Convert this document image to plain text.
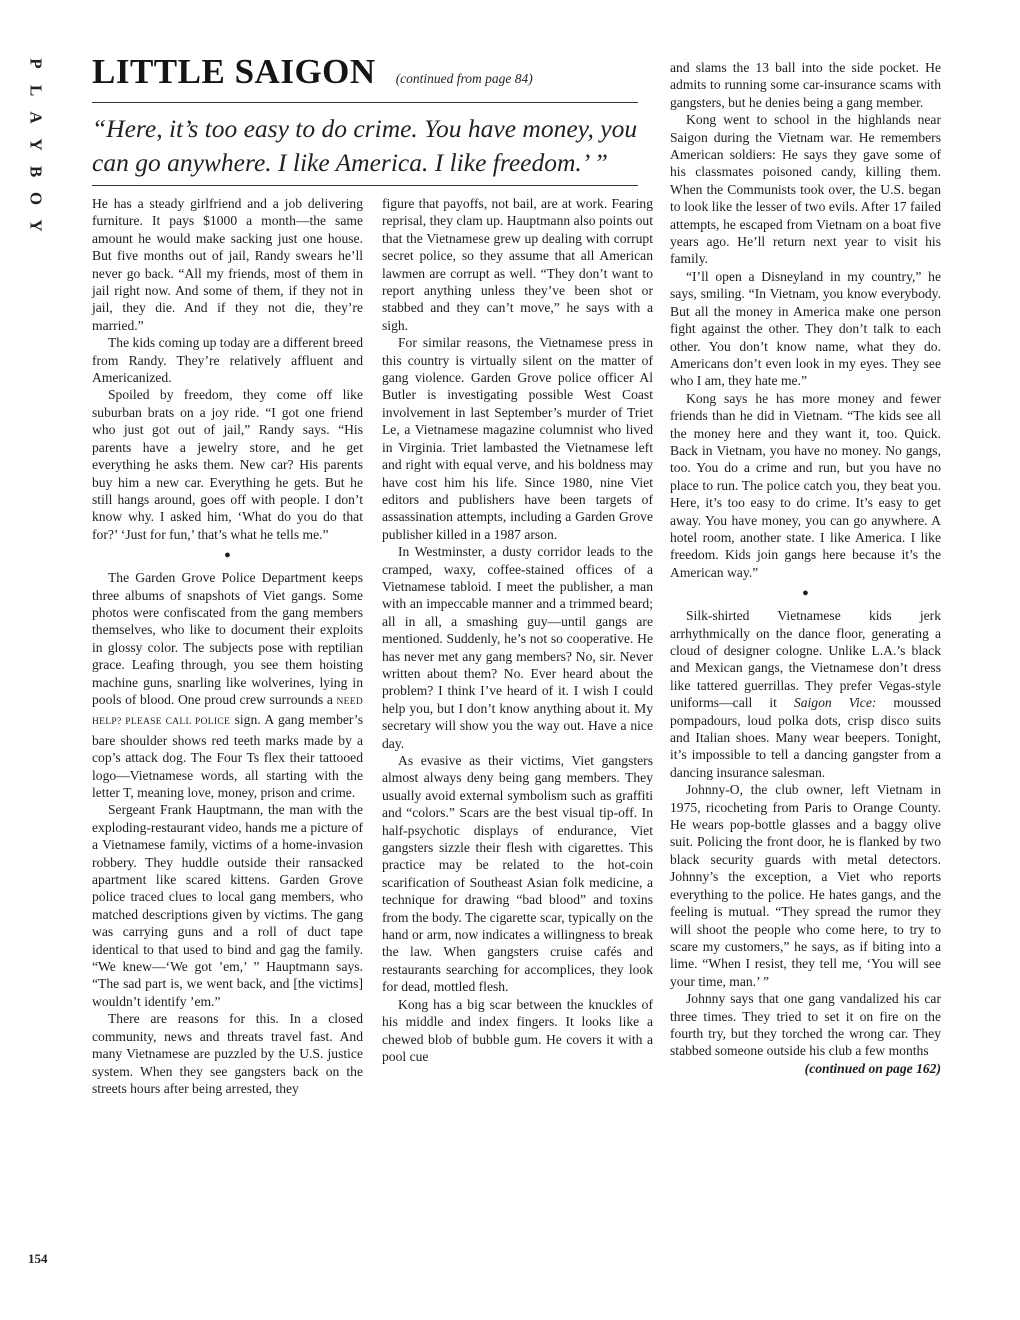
P
L
A
Y
B
O
Y
LITTLE SAIGON (continued from page 84)

“Here, it’s too easy to do crime. You have money, you can go anywhere. I like America. I like freedom.’ ”

He has a steady girlfriend and a job delivering furniture. It pays $1000 a month—the same amount he would make sacking just one house. But five months out of jail, Randy swears he’ll never go back. “All my friends, most of them in jail right now. And some of them, if they not in jail, they die. And if they not die, they’re married.”

The kids coming up today are a different breed from Randy. They’re relatively affluent and Americanized.

Spoiled by freedom, they come off like suburban brats on a joy ride. “I got one friend who just got out of jail,” Randy says. “His parents have a jewelry store, and he get everything he asks them. New car? His parents buy him a new car. Everything he gets. But he still hangs around, goes off with people. I don’t know why. I asked him, ‘What do you do that for?’ ‘Just for fun,’ that’s what he tells me.”

●

The Garden Grove Police Department keeps three albums of snapshots of Viet gangs. Some photos were confiscated from the gang members themselves, who like to document their exploits in glossy color. The subjects pose with reptilian grace. Leafing through, you see them hoisting machine guns, snarling like wolverines, lying in pools of blood. One proud crew surrounds a NEED HELP? PLEASE CALL POLICE sign. A gang member’s bare shoulder shows red teeth marks made by a cop’s attack dog. The Four Ts flex their tattooed logo—Vietnamese words, all starting with the letter T, meaning love, money, prison and crime.

Sergeant Frank Hauptmann, the man with the exploding-restaurant video, hands me a picture of a Vietnamese family, victims of a home-invasion robbery. They huddle outside their ransacked apartment like scared kittens. Garden Grove police traced clues to local gang members, who matched descriptions given by victims. The gang was carrying guns and a roll of duct tape identical to that used to bind and gag the family. “We knew—‘We got ’em,’ ” Hauptmann says. “The sad part is, we went back, and [the victims] wouldn’t identify ’em.”

There are reasons for this. In a closed community, news and threats travel fast. And many Vietnamese are puzzled by the U.S. justice system. When they see gangsters back on the streets hours after being arrested, they

figure that payoffs, not bail, are at work. Fearing reprisal, they clam up. Hauptmann also points out that the Vietnamese grew up dealing with corrupt secret police, so they assume that all American lawmen are corrupt as well. “They don’t want to report anything unless they’ve been shot or stabbed and they can’t move,” he says with a sigh.

For similar reasons, the Vietnamese press in this country is virtually silent on the matter of gang violence. Garden Grove police officer Al Butler is investigating possible West Coast involvement in last September’s murder of Triet Le, a Vietnamese magazine columnist who lived in Virginia. Triet lambasted the Vietnamese left and right with equal verve, and his boldness may have cost him his life. Since 1980, nine Viet editors and publishers have been targets of assassination attempts, including a Garden Grove publisher killed in a 1987 arson.

In Westminster, a dusty corridor leads to the cramped, waxy, coffee-stained offices of a Vietnamese tabloid. I meet the publisher, a man with an impeccable manner and a trimmed beard; all in all, a smashing guy—until gangs are mentioned. Suddenly, he’s not so cooperative. He has never met any gang members? No, sir. Never written about them? No. Ever heard about the problem? I think I’ve heard of it. I wish I could help you, but I don’t know anything about it. My secretary will show you the way out. Have a nice day.

As evasive as their victims, Viet gangsters almost always deny being gang members. They usually avoid external symbolism such as graffiti and “colors.” Scars are the best visual tip-off. In half-psychotic displays of endurance, Viet gangsters sizzle their flesh with cigarettes. This practice may be related to the hot-coin scarification of Southeast Asian folk medicine, a technique for drawing “bad blood” and toxins from the body. The cigarette scar, typically on the hand or arm, now indicates a willingness to break the law. When gangsters cruise cafés and restaurants searching for accomplices, they look for dead, mottled flesh.

Kong has a big scar between the knuckles of his middle and index fingers. It looks like a chewed blob of bubble gum. He covers it with a pool cue

and slams the 13 ball into the side pocket. He admits to running some car-insurance scams with gangsters, but he denies being a gang member.

Kong went to school in the highlands near Saigon during the Vietnam war. He remembers American soldiers: He says they gave some of his classmates poisoned candy, killing them. When the Communists took over, the U.S. began to look like the lesser of two evils. After 17 failed attempts, he escaped from Vietnam on a boat five years ago. He’ll return next year to visit his family.

“I’ll open a Disneyland in my country,” he says, smiling. “In Vietnam, you know everybody. But all the money in America make one person fight against the other. They don’t talk to each other. You don’t know name, what they do. Americans don’t even look in my eyes. They see who I am, they hate me.”

Kong says he has more money and fewer friends than he did in Vietnam. “The kids see all the money here and they want it, too. Quick. Back in Vietnam, you have no money. No gangs, too. You do a crime and run, but you have no place to run. The police catch you, they beat you. Here, it’s too easy to do crime. It’s easy to get away. You have money, you can go anywhere. A hotel room, another state. I like America. I like freedom. Kids join gangs here because it’s the American way.”

●

Silk-shirted Vietnamese kids jerk arrhythmically on the dance floor, generating a cloud of designer cologne. Unlike L.A.’s black and Mexican gangs, the Vietnamese don’t dress like tattered guerrillas. They prefer Vegas-style uniforms—call it Saigon Vice: moussed pompadours, loud polka dots, crisp disco suits and Italian shoes. Many wear beepers. Tonight, it’s impossible to tell a dancing gangster from a dancing insurance salesman.

Johnny-O, the club owner, left Vietnam in 1975, ricocheting from Paris to Orange County. He wears pop-bottle glasses and a baggy olive suit. Policing the front door, he is flanked by two black security guards with metal detectors. Johnny’s the exception, a Viet who reports everything to the police. He hates gangs, and the feeling is mutual. “They spread the rumor they will shoot the people who come here, to try to scare my customers,” he says, as if biting into a lime. “When I resist, they tell me, ‘You will see your time, man.’ ”

Johnny says that one gang vandalized his car three times. They tried to set it on fire on the fourth try, but they torched the wrong car. They stabbed someone outside his club a few months

(continued on page 162)
154
